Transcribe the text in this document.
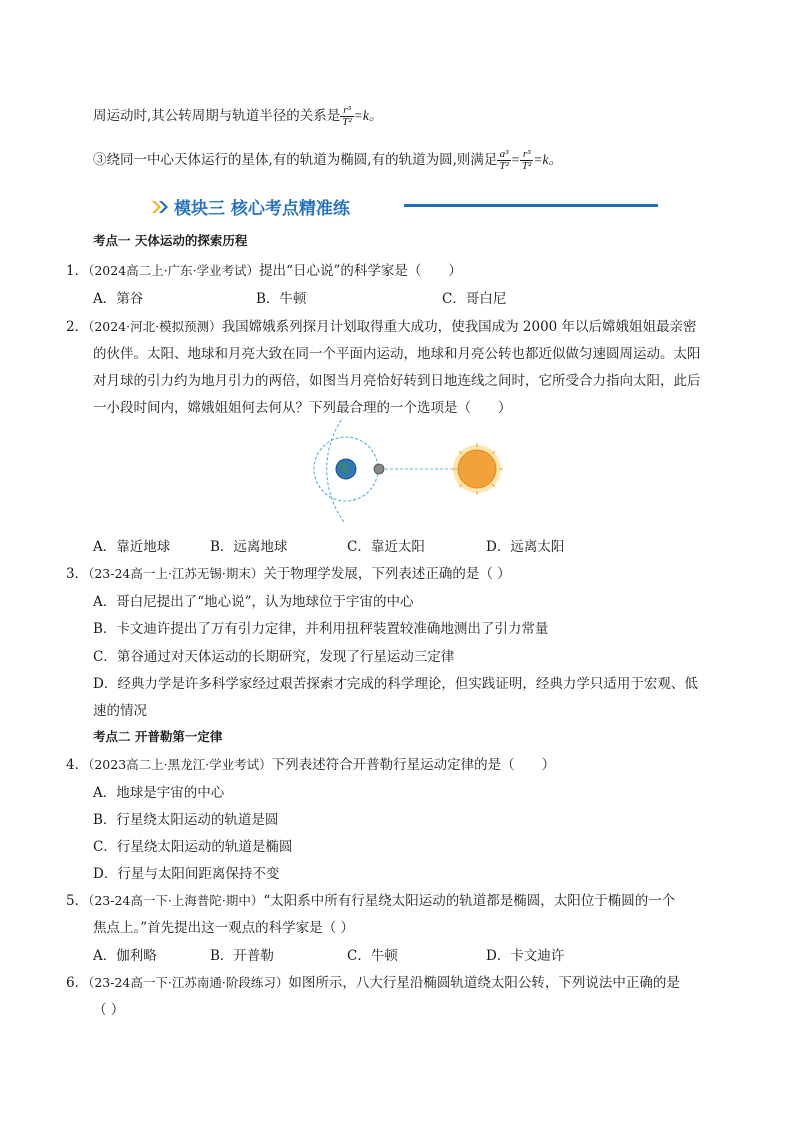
周运动时,其公转周期与轨道半径的关系是 $\frac{\text{r³}}{\text{T²}} =k$。
③绕同一中心天体运行的星体,有的轨道为椭圆,有的轨道为圆,则满足 $\frac{\text{a³}}{\text{T²}} = \frac{\text{r³}}{\text{T²}} =k$。
模块三 核心考点精准练
考点一 天体运动的探索历程
1．（2024高二上·广东·学业考试）提出“日心说”的科学家是（　　）
A．第谷	B．牛顿	C．哥白尼
2．（2024·河北·模拟预测）我国嫦娥系列探月计划取得重大成功，使我国成为 2000 年以后嫦娥姐姐最亲密
的伙伴。太阳、地球和月亮大致在同一个平面内运动，地球和月亮公转也都近似做匀速圆周运动。太阳
对月球的引力约为地月引力的两倍，如图当月亮恰好转到日地连线之间时，它所受合力指向太阳，此后
一小段时间内，嫦娥姐姐何去何从？下列最合理的一个选项是（　　）
A．靠近地球	B．远离地球	C．靠近太阳	D．远离太阳
3．（23-24高一上·江苏无锡·期末）关于物理学发展，下列表述正确的是（ ）
A．哥白尼提出了“地心说”，认为地球位于宇宙的中心
B．卡文迪许提出了万有引力定律，并利用扭秤装置较准确地测出了引力常量
C．第谷通过对天体运动的长期研究，发现了行星运动三定律
D．经典力学是许多科学家经过艰苦探索才完成的科学理论，但实践证明，经典力学只适用于宏观、低
速的情况
考点二 开普勒第一定律
4．（2023高二上·黑龙江·学业考试）下列表述符合开普勒行星运动定律的是（　　）
A．地球是宇宙的中心
B．行星绕太阳运动的轨道是圆
C．行星绕太阳运动的轨道是椭圆
D．行星与太阳间距离保持不变
5．（23-24高一下·上海普陀·期中）“太阳系中所有行星绕太阳运动的轨道都是椭圆，太阳位于椭圆的一个
焦点上。”首先提出这一观点的科学家是（ ）
A．伽利略	B．开普勒	C．牛顿	D．卡文迪许
6．（23-24高一下·江苏南通·阶段练习）如图所示，八大行星沿椭圆轨道绕太阳公转，下列说法中正确的是
（ ）
